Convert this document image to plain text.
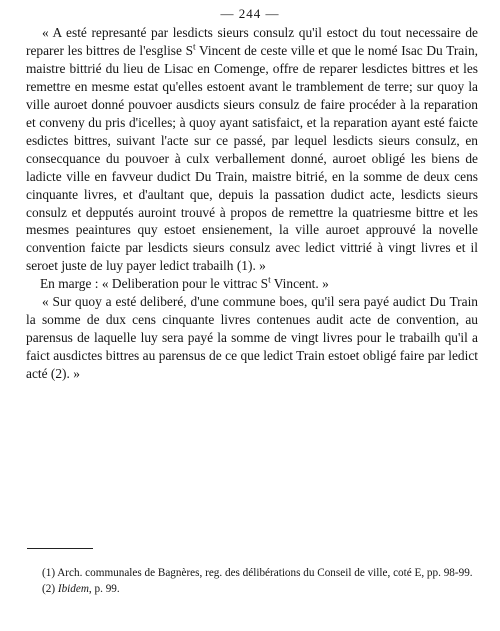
— 244 —

« A esté represanté par lesdicts sieurs consulz qu'il estoct du tout necessaire de reparer les bittres de l'esglise $S^t$ Vincent de ceste ville et que le nomé Isac Du Train, maistre bittrié du lieu de Lisac en Comenge, offre de reparer lesdictes bittres et les remettre en mesme estat qu'elles estoent avant le tramblement de terre; sur quoy la ville auroet donné pouvoer ausdicts sieurs consulz de faire procéder à la reparation et conveny du pris d'icelles; à quoy ayant satisfaict, et la reparation ayant esté faicte esdictes bittres, suivant l'acte sur ce passé, par lequel lesdicts sieurs consulz, en consecquance du pouvoer à culx verballement donné, auroet obligé les biens de ladicte ville en favveur dudict Du Train, maistre bitrié, en la somme de deux cens cinquante livres, et d'aultant que, depuis la passation dudict acte, lesdicts sieurs consulz et depputés auroint trouvé à propos de remettre la quatriesme bittre et les mesmes peaintures quy estoet ensienement, la ville auroet approuvé la novelle convention faicte par lesdicts sieurs consulz avec ledict vittrié à vingt livres et il seroet juste de luy payer ledict trabailh (1). »

En marge : « Deliberation pour le vittrac $S^t$ Vincent. »

« Sur quoy a esté deliberé, d'une commune boes, qu'il sera payé audict Du Train la somme de dux cens cinquante livres contenues audit acte de convention, au parensus de laquelle luy sera payé la somme de vingt livres pour le trabailh qu'il a faict ausdictes bittres au parensus de ce que ledict Train estoet obligé faire par ledict acté (2). »

(1) Arch. communales de Bagnères, reg. des délibérations du Conseil de ville, coté E, pp. 98-99.

(2) Ibidem, p. 99.
